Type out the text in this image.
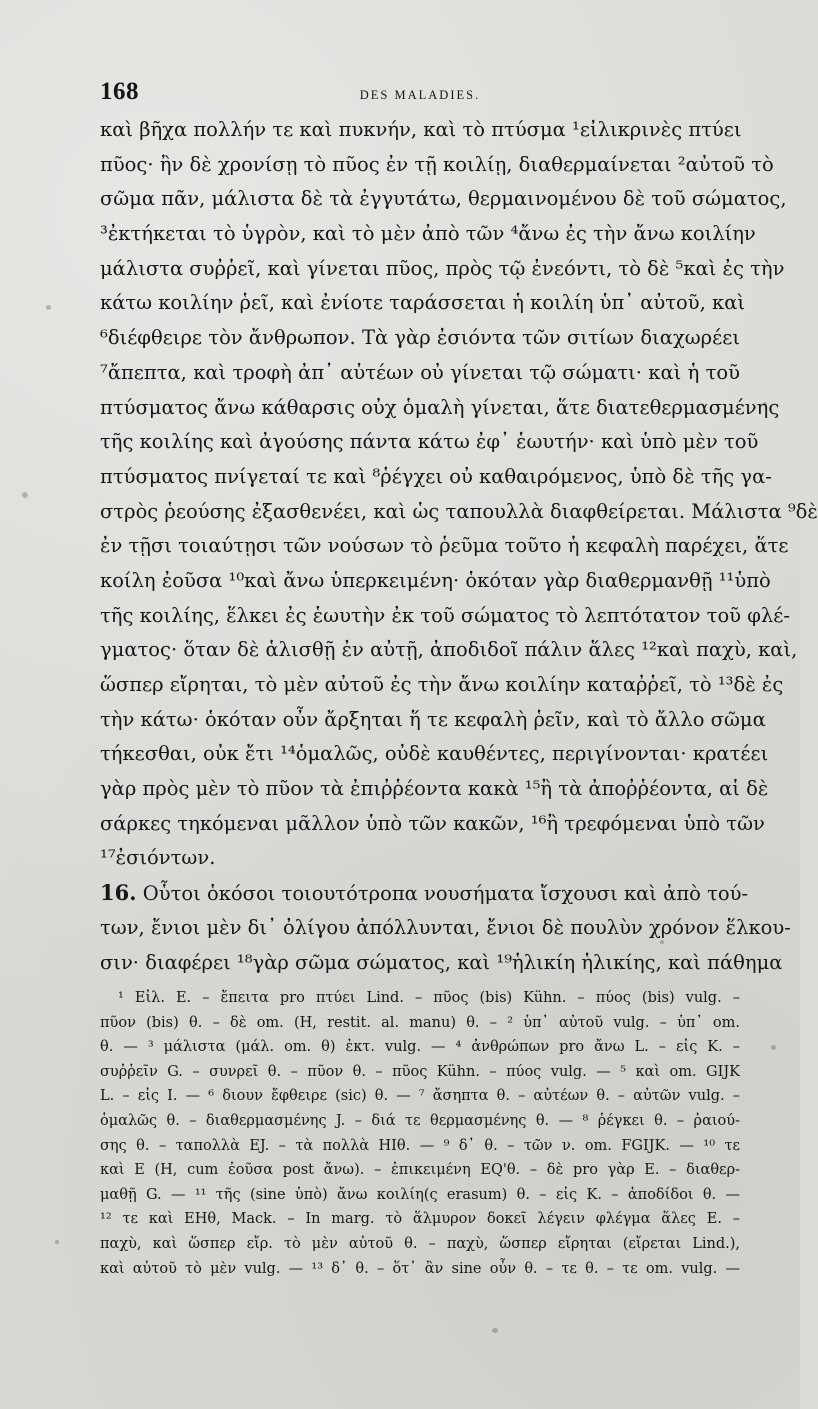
168	DES MALADIES.
καὶ βῆχα πολλήν τε καὶ πυκνήν, καὶ τὸ πτύσμα ¹εἰλικρινὲς πτύει
πῦος· ἢν δὲ χρονίσῃ τὸ πῦος ἐν τῇ κοιλίῃ, διαθερμαίνεται ²αὐτοῦ τὸ
σῶμα πᾶν, μάλιστα δὲ τὰ ἐγγυτάτω, θερμαινομένου δὲ τοῦ σώματος,
³ἐκτήκεται τὸ ὑγρὸν, καὶ τὸ μὲν ἀπὸ τῶν ⁴ἄνω ἐς τὴν ἄνω κοιλίην
μάλιστα συῤῥεῖ, καὶ γίνεται πῦος, πρὸς τῷ ἐνεόντι, τὸ δὲ ⁵καὶ ἐς τὴν
κάτω κοιλίην ῥεῖ, καὶ ἐνίοτε ταράσσεται ἡ κοιλίη ὑπ᾽ αὐτοῦ, καὶ
⁶διέφθειρε τὸν ἄνθρωπον. Τὰ γὰρ ἐσιόντα τῶν σιτίων διαχωρέει
⁷ἄπεπτα, καὶ τροφὴ ἀπ᾽ αὐτέων οὐ γίνεται τῷ σώματι· καὶ ἡ τοῦ
πτύσματος ἄνω κάθαρσις οὐχ ὁμαλὴ γίνεται, ἅτε διατεθερμασμένης
τῆς κοιλίης καὶ ἀγούσης πάντα κάτω ἐφ᾽ ἑωυτήν· καὶ ὑπὸ μὲν τοῦ
πτύσματος πνίγεταί τε καὶ ⁸ῥέγχει οὐ καθαιρόμενος, ὑπὸ δὲ τῆς γα-
στρὸς ῥεούσης ἐξασθενέει, καὶ ὡς ταπουλλὰ διαφθείρεται. Μάλιστα ⁹δὲ
ἐν τῇσι τοιαύτῃσι τῶν νούσων τὸ ῥεῦμα τοῦτο ἡ κεφαλὴ παρέχει, ἅτε
κοίλη ἐοῦσα ¹⁰καὶ ἄνω ὑπερκειμένη· ὁκόταν γὰρ διαθερμανθῇ ¹¹ὑπὸ
τῆς κοιλίης, ἕλκει ἐς ἑωυτὴν ἐκ τοῦ σώματος τὸ λεπτότατον τοῦ φλέ-
γματος· ὅταν δὲ ἁλισθῇ ἐν αὐτῇ, ἀποδιδοῖ πάλιν ἅλες ¹²καὶ παχὺ, καὶ,
ὥσπερ εἴρηται, τὸ μὲν αὐτοῦ ἐς τὴν ἄνω κοιλίην καταῤῥεῖ, τὸ ¹³δὲ ἐς
τὴν κάτω· ὁκόταν οὖν ἄρξηται ἥ τε κεφαλὴ ῥεῖν, καὶ τὸ ἄλλο σῶμα
τήκεσθαι, οὐκ ἔτι ¹⁴ὁμαλῶς, οὐδὲ καυθέντες, περιγίνονται· κρατέει
γὰρ πρὸς μὲν τὸ πῦον τὰ ἐπιῤῥέοντα κακὰ ¹⁵ἢ τὰ ἀποῤῥέοντα, αἱ δὲ
σάρκες τηκόμεναι μᾶλλον ὑπὸ τῶν κακῶν, ¹⁶ἢ τρεφόμεναι ὑπὸ τῶν
¹⁷ἐσιόντων.
16. Οὗτοι ὁκόσοι τοιουτότροπα νουσήματα ἴσχουσι καὶ ἀπὸ τού-
των, ἔνιοι μὲν δι᾽ ὀλίγου ἀπόλλυνται, ἔνιοι δὲ πουλὺν χρόνον ἕλκου-
σιν· διαφέρει ¹⁸γὰρ σῶμα σώματος, καὶ ¹⁹ἡλικίη ἡλικίης, καὶ πάθημα
¹ Εἰλ. E. – ἔπειτα pro πτύει Lind. – πῦος (bis) Kühn. – πύος (bis) vulg. –
πῦον (bis) θ. – δὲ om. (H, restit. al. manu) θ. – ² ὑπ᾽ αὐτοῦ vulg. – ὑπ᾽ om.
θ. — ³ μάλιστα (μάλ. om. θ) ἐκτ. vulg. — ⁴ ἀνθρώπων pro ἄνω L. – εἰς K. –
συῤῥεῖν G. – συνρεῖ θ. – πῦον θ. – πῦος Kühn. – πύος vulg. — ⁵ καὶ om. GIJK
L. – εἰς I. — ⁶ διουν ἔφθειρε (sic) θ. — ⁷ ἄσηπτα θ. – αὐτέων θ. – αὐτῶν vulg. –
ὁμαλῶς θ. – διαθερμασμένης J. – διά τε θερμασμένης θ. — ⁸ ῥέγκει θ. – ῥαιού-
σης θ. – ταπολλὰ EJ. – τὰ πολλὰ HIθ. — ⁹ δ᾽ θ. – τῶν ν. om. FGIJK. — ¹⁰ τε
καὶ E (H, cum ἐοῦσα post ἄνω). – ἐπικειμένη EQ'θ. – δὲ pro γὰρ E. – διαθερ-
μαθῇ G. — ¹¹ τῆς (sine ὑπὸ) ἄνω κοιλίη(ς erasum) θ. – εἰς K. – ἀποδίδοι θ. —
¹² τε καὶ EHθ, Mack. – In marg. τὸ ἅλμυρον δοκεῖ λέγειν φλέγμα ἅλες E. –
παχὺ, καὶ ὥσπερ εἴρ. τὸ μὲν αὐτοῦ θ. – παχὺ, ὥσπερ εἴρηται (εἴρεται Lind.),
καὶ αὐτοῦ τὸ μὲν vulg. — ¹³ δ᾽ θ. – ὅτ᾽ ἂν sine οὖν θ. – τε θ. – τε om. vulg. —
